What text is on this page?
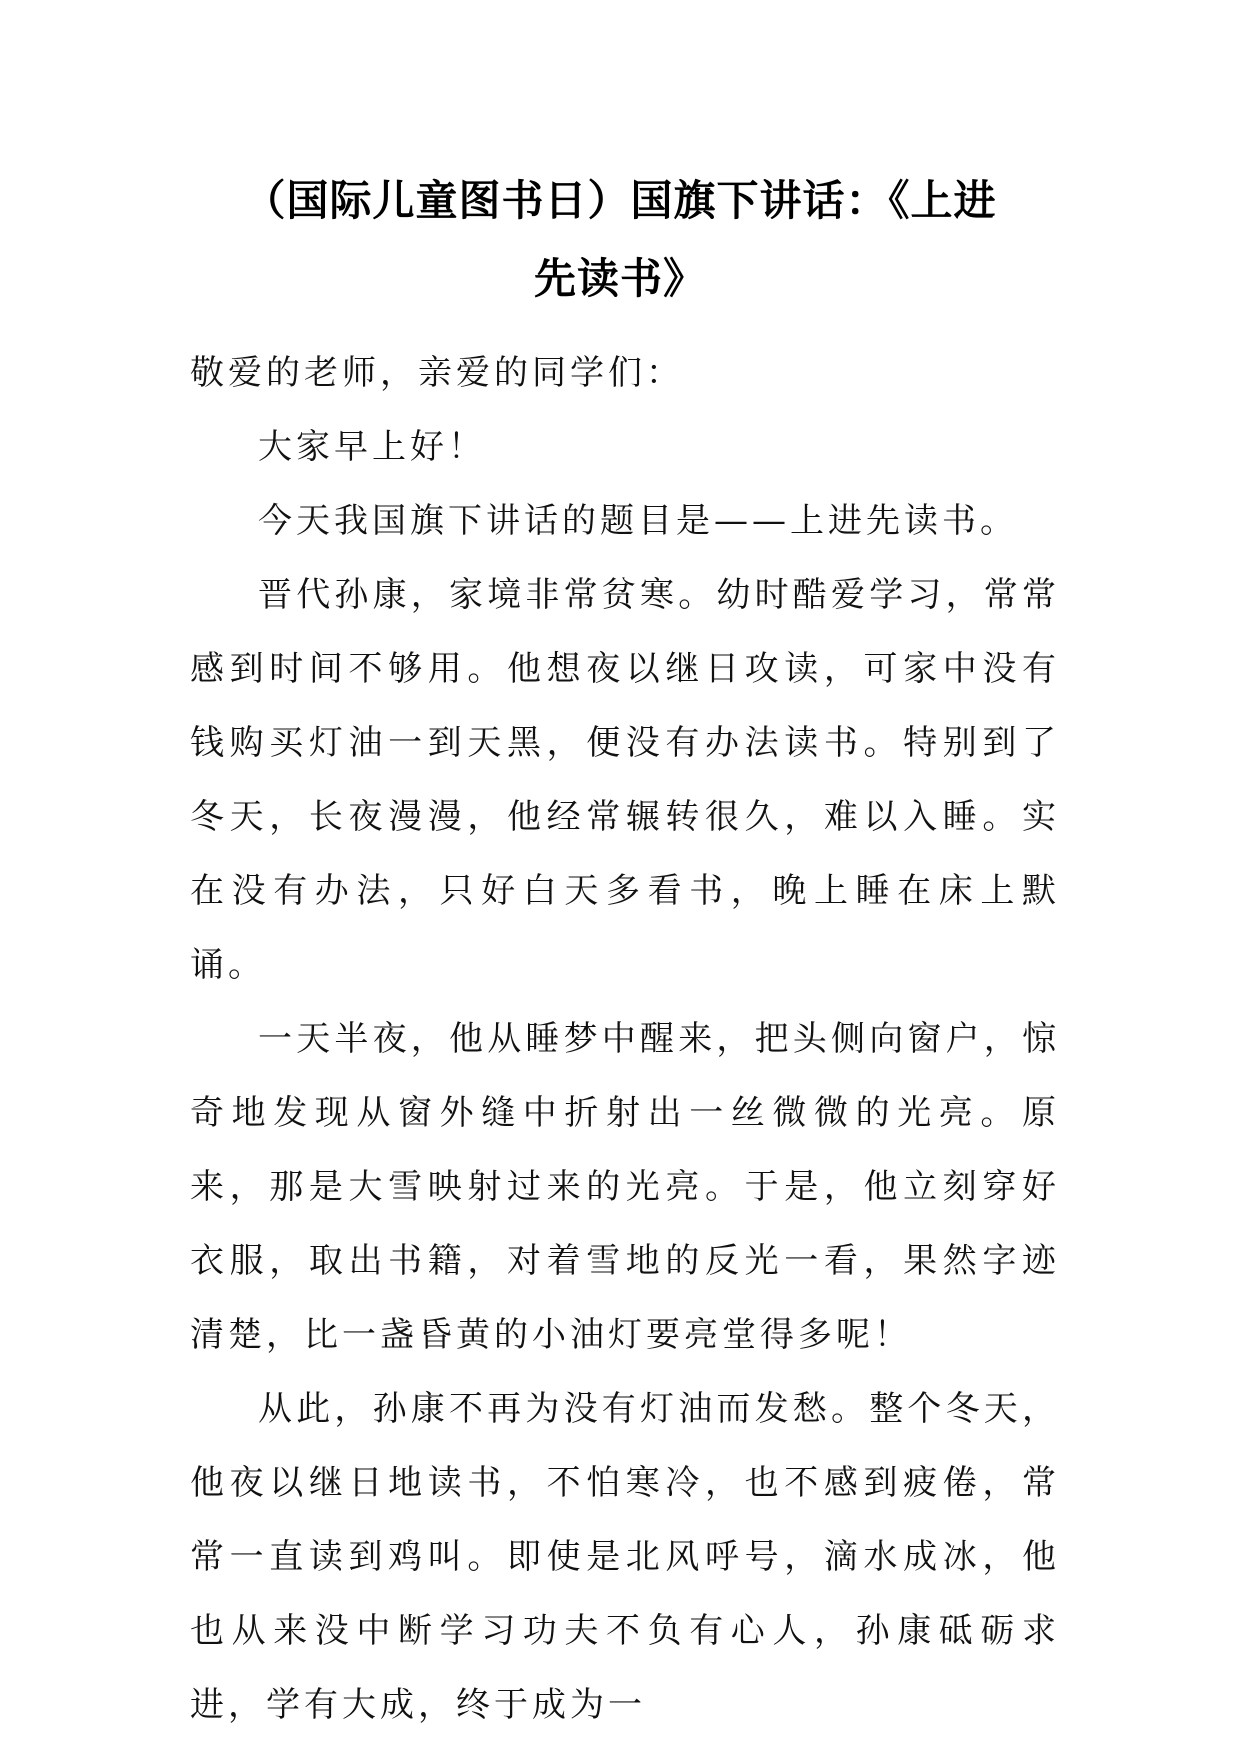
（国际儿童图书日）国旗下讲话：《上进
先读书》

敬爱的老师，亲爱的同学们：

大家早上好！

今天我国旗下讲话的题目是——上进先读书。

晋代孙康，家境非常贫寒。幼时酷爱学习，常常感到时间不够用。他想夜以继日攻读，可家中没有钱购买灯油一到天黑，便没有办法读书。特别到了冬天，长夜漫漫，他经常辗转很久，难以入睡。实在没有办法，只好白天多看书，晚上睡在床上默诵。

一天半夜，他从睡梦中醒来，把头侧向窗户，惊奇地发现从窗外缝中折射出一丝微微的光亮。原来，那是大雪映射过来的光亮。于是，他立刻穿好衣服，取出书籍，对着雪地的反光一看，果然字迹清楚，比一盏昏黄的小油灯要亮堂得多呢！

从此，孙康不再为没有灯油而发愁。整个冬天，他夜以继日地读书，不怕寒冷，也不感到疲倦，常常一直读到鸡叫。即使是北风呼号，滴水成冰，他也从来没中断学习功夫不负有心人，孙康砥砺求进，学有大成，终于成为一
